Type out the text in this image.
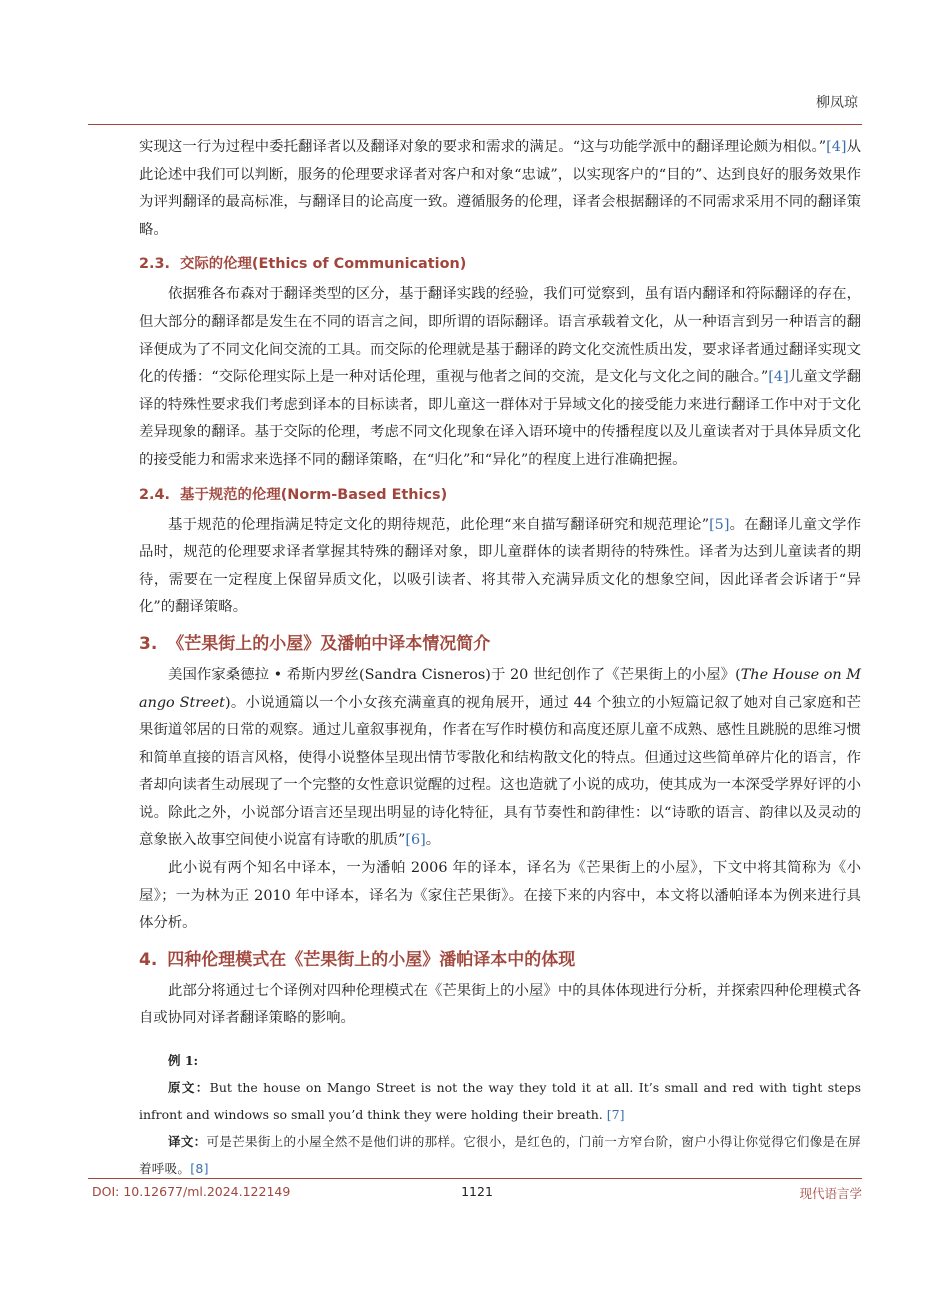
柳凤琼

实现这一行为过程中委托翻译者以及翻译对象的要求和需求的满足。“这与功能学派中的翻译理论颇为相似。”[4]从此论述中我们可以判断，服务的伦理要求译者对客户和对象“忠诚”，以实现客户的“目的”、达到良好的服务效果作为评判翻译的最高标准，与翻译目的论高度一致。遵循服务的伦理，译者会根据翻译的不同需求采用不同的翻译策略。

2.3. 交际的伦理(Ethics of Communication)

依据雅各布森对于翻译类型的区分，基于翻译实践的经验，我们可觉察到，虽有语内翻译和符际翻译的存在，但大部分的翻译都是发生在不同的语言之间，即所谓的语际翻译。语言承载着文化，从一种语言到另一种语言的翻译便成为了不同文化间交流的工具。而交际的伦理就是基于翻译的跨文化交流性质出发，要求译者通过翻译实现文化的传播：“交际伦理实际上是一种对话伦理，重视与他者之间的交流，是文化与文化之间的融合。”[4]儿童文学翻译的特殊性要求我们考虑到译本的目标读者，即儿童这一群体对于异域文化的接受能力来进行翻译工作中对于文化差异现象的翻译。基于交际的伦理，考虑不同文化现象在译入语环境中的传播程度以及儿童读者对于具体异质文化的接受能力和需求来选择不同的翻译策略，在“归化”和“异化”的程度上进行准确把握。

2.4. 基于规范的伦理(Norm-Based Ethics)

基于规范的伦理指满足特定文化的期待规范，此伦理“来自描写翻译研究和规范理论”[5]。在翻译儿童文学作品时，规范的伦理要求译者掌握其特殊的翻译对象，即儿童群体的读者期待的特殊性。译者为达到儿童读者的期待，需要在一定程度上保留异质文化，以吸引读者、将其带入充满异质文化的想象空间，因此译者会诉诸于“异化”的翻译策略。

3. 《芒果街上的小屋》及潘帕中译本情况简介

美国作家桑德拉 • 希斯内罗丝(Sandra Cisneros)于 20 世纪创作了《芒果街上的小屋》(The House on Mango Street)。小说通篇以一个小女孩充满童真的视角展开，通过 44 个独立的小短篇记叙了她对自己家庭和芒果街道邻居的日常的观察。通过儿童叙事视角，作者在写作时模仿和高度还原儿童不成熟、感性且跳脱的思维习惯和简单直接的语言风格，使得小说整体呈现出情节零散化和结构散文化的特点。但通过这些简单碎片化的语言，作者却向读者生动展现了一个完整的女性意识觉醒的过程。这也造就了小说的成功，使其成为一本深受学界好评的小说。除此之外，小说部分语言还呈现出明显的诗化特征，具有节奏性和韵律性：以“诗歌的语言、韵律以及灵动的意象嵌入故事空间使小说富有诗歌的肌质”[6]。

此小说有两个知名中译本，一为潘帕 2006 年的译本，译名为《芒果街上的小屋》，下文中将其简称为《小屋》；一为林为正 2010 年中译本，译名为《家住芒果街》。在接下来的内容中，本文将以潘帕译本为例来进行具体分析。

4. 四种伦理模式在《芒果街上的小屋》潘帕译本中的体现

此部分将通过七个译例对四种伦理模式在《芒果街上的小屋》中的具体体现进行分析，并探索四种伦理模式各自或协同对译者翻译策略的影响。

例 1:

原文：But the house on Mango Street is not the way they told it at all. It’s small and red with tight steps infront and windows so small you’d think they were holding their breath. [7]

译文：可是芒果街上的小屋全然不是他们讲的那样。它很小，是红色的，门前一方窄台阶，窗户小得让你觉得它们像是在屏着呼吸。[8]

DOI: 10.12677/ml.2024.122149	1121	现代语言学
